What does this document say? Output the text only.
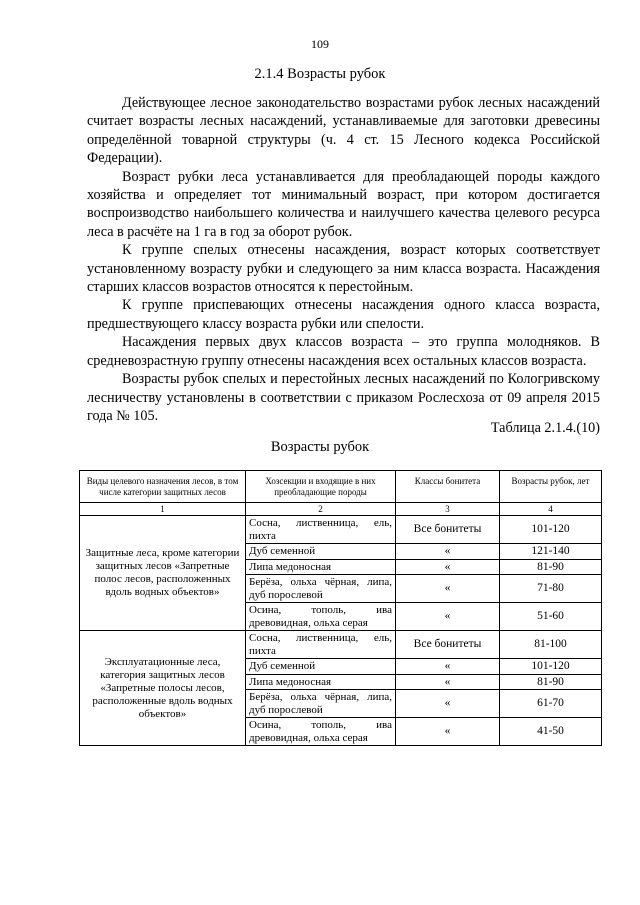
109
2.1.4 Возрасты рубок

Действующее лесное законодательство возрастами рубок лесных насаждений считает возрасты лесных насаждений, устанавливаемые для заготовки древесины определённой товарной структуры (ч. 4 ст. 15 Лесного кодекса Российской Федерации).

Возраст рубки леса устанавливается для преобладающей породы каждого хозяйства и определяет тот минимальный возраст, при котором достигается воспроизводство наибольшего количества и наилучшего качества целевого ресурса леса в расчёте на 1 га в год за оборот рубок.

К группе спелых отнесены насаждения, возраст которых соответствует установленному возрасту рубки и следующего за ним класса возраста. Насаждения старших классов возрастов относятся к перестойным.

К группе приспевающих отнесены насаждения одного класса возраста, предшествующего классу возраста рубки или спелости.

Насаждения первых двух классов возраста – это группа молодняков. В средневозрастную группу отнесены насаждения всех остальных классов возраста.

Возрасты рубок спелых и перестойных лесных насаждений по Кологривскому лесничеству установлены в соответствии с приказом Рослесхоза от 09 апреля 2015 года № 105.

Таблица 2.1.4.(10)
Возрасты рубок
Виды целевого назначения лесов, в том числе категории защитных лесов	Хозсекции и входящие в них преобладающие породы	Классы бонитета	Возрасты рубок, лет
1	2	3	4
Защитные леса, кроме категории защитных лесов «Запретные полос лесов, расположенных вдоль водных объектов»	Сосна, лиственница, ель, пихта	Все бонитеты	101-120
	Дуб семенной	«	121-140
	Липа медоносная	«	81-90
	Берёза, ольха чёрная, липа, дуб порослевой	«	71-80
	Осина, тополь, ива древовидная, ольха серая	«	51-60
Эксплуатационные леса, категория защитных лесов «Запретные полосы лесов, расположенные вдоль водных объектов»	Сосна, лиственница, ель, пихта	Все бонитеты	81-100
	Дуб семенной	«	101-120
	Липа медоносная	«	81-90
	Берёза, ольха чёрная, липа, дуб порослевой	«	61-70
	Осина, тополь, ива древовидная, ольха серая	«	41-50
